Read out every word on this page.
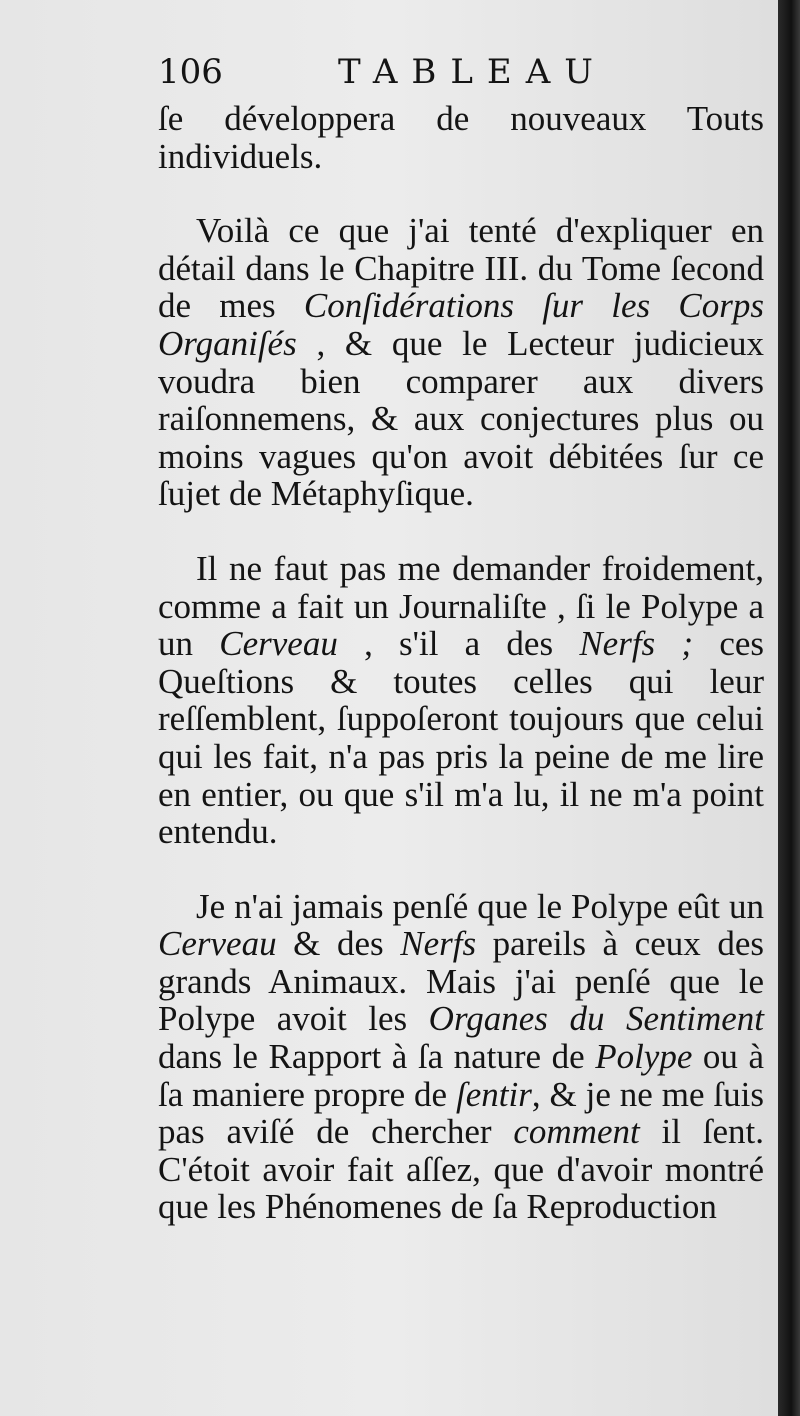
106	TABLEAU

ſe développera de nouveaux Touts individuels.

Voilà ce que j'ai tenté d'expliquer en détail dans le Chapitre III. du Tome ſecond de mes Conſidérations ſur les Corps Organiſés , & que le Lecteur judicieux voudra bien comparer aux divers raiſonnemens, & aux conjectures plus ou moins vagues qu'on avoit débitées ſur ce ſujet de Métaphyſique.

Il ne faut pas me demander froidement, comme a fait un Journaliſte , ſi le Polype a un Cerveau , s'il a des Nerfs ; ces Queſtions & toutes celles qui leur reſſemblent, ſuppoſeront toujours que celui qui les fait, n'a pas pris la peine de me lire en entier, ou que s'il m'a lu, il ne m'a point entendu.

Je n'ai jamais penſé que le Polype eût un Cerveau & des Nerfs pareils à ceux des grands Animaux. Mais j'ai penſé que le Polype avoit les Organes du Sentiment dans le Rapport à ſa nature de Polype ou à ſa maniere propre de ſentir, & je ne me ſuis pas aviſé de chercher comment il ſent. C'étoit avoir fait aſſez, que d'avoir montré que les Phénomenes de ſa Reproduction
